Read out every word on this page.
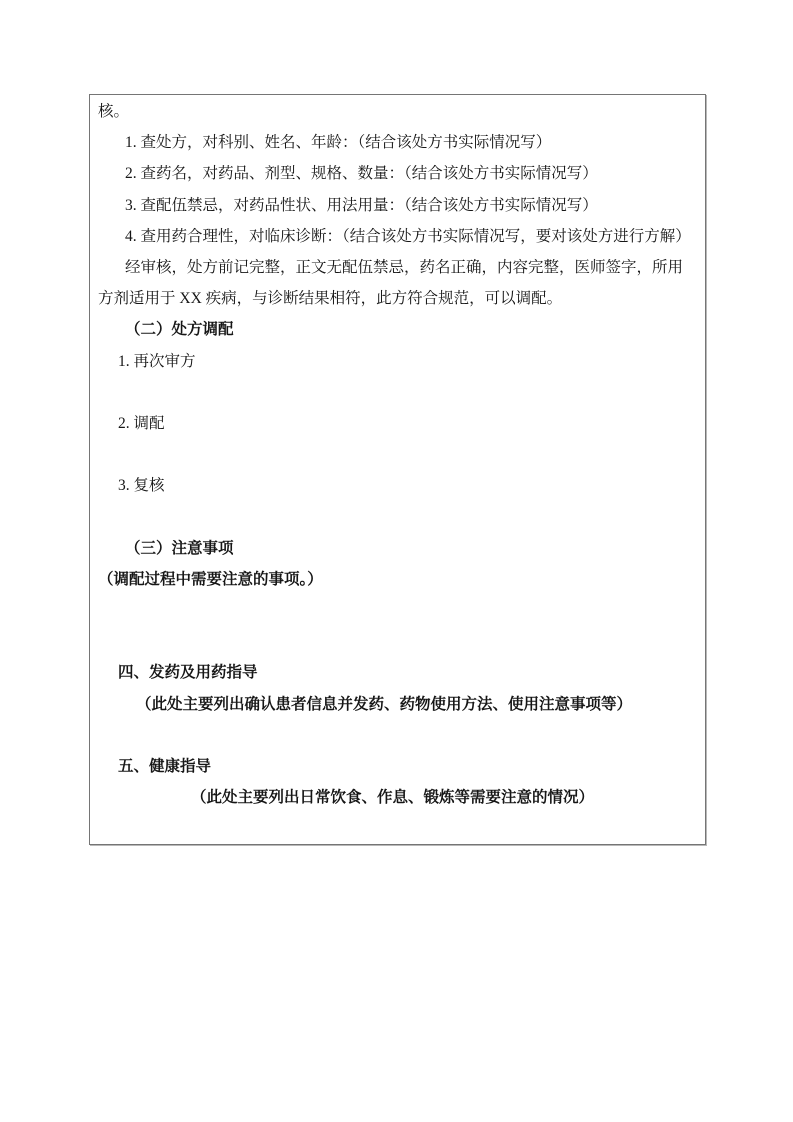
核。
1. 查处方，对科别、姓名、年龄：（结合该处方书实际情况写）
2. 查药名，对药品、剂型、规格、数量：（结合该处方书实际情况写）
3. 查配伍禁忌，对药品性状、用法用量：（结合该处方书实际情况写）
4. 查用药合理性，对临床诊断：（结合该处方书实际情况写，要对该处方进行方解）
经审核，处方前记完整，正文无配伍禁忌，药名正确，内容完整，医师签字，所用
方剂适用于 XX 疾病，与诊断结果相符，此方符合规范，可以调配。
（二）处方调配
1. 再次审方
2. 调配
3. 复核
（三）注意事项
（调配过程中需要注意的事项。）
四、发药及用药指导
（此处主要列出确认患者信息并发药、药物使用方法、使用注意事项等）
五、健康指导
（此处主要列出日常饮食、作息、锻炼等需要注意的情况）
